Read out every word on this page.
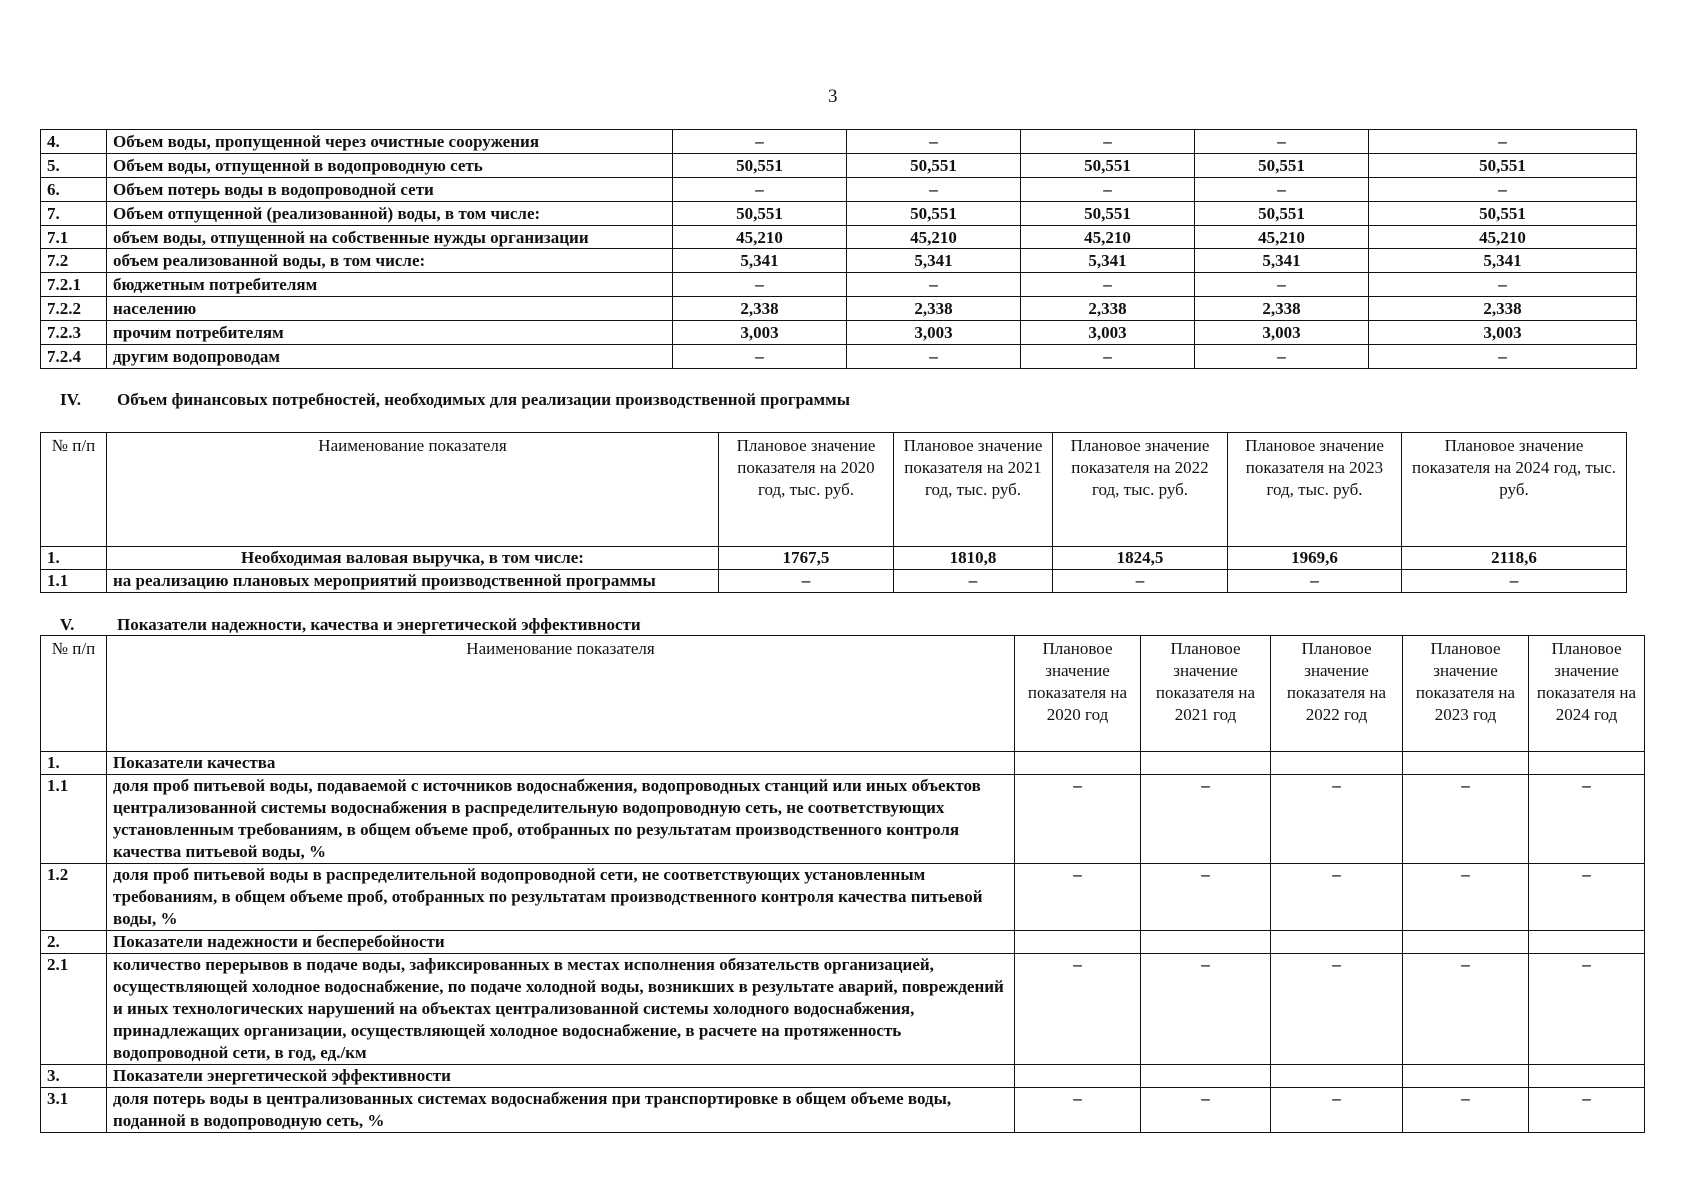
3
4.	Объем воды, пропущенной через очистные сооружения	–	–	–	–	–
5.	Объем воды, отпущенной в водопроводную сеть	50,551	50,551	50,551	50,551	50,551
6.	Объем потерь воды в водопроводной сети	–	–	–	–	–
7.	Объем отпущенной (реализованной) воды, в том числе:	50,551	50,551	50,551	50,551	50,551
7.1	объем воды, отпущенной на собственные нужды организации	45,210	45,210	45,210	45,210	45,210
7.2	объем реализованной воды, в том числе:	5,341	5,341	5,341	5,341	5,341
7.2.1	бюджетным потребителям	–	–	–	–	–
7.2.2	населению	2,338	2,338	2,338	2,338	2,338
7.2.3	прочим потребителям	3,003	3,003	3,003	3,003	3,003
7.2.4	другим водопроводам	–	–	–	–	–
IV. Объем финансовых потребностей, необходимых для реализации производственной программы
№ п/п	Наименование показателя	Плановое значение показателя на 2020 год, тыс. руб.	Плановое значение показателя на 2021 год, тыс. руб.	Плановое значение показателя на 2022 год, тыс. руб.	Плановое значение показателя на 2023 год, тыс. руб.	Плановое значение показателя на 2024 год, тыс. руб.
1.	Необходимая валовая выручка, в том числе:	1767,5	1810,8	1824,5	1969,6	2118,6
1.1	на реализацию плановых мероприятий производственной программы	–	–	–	–	–
V.	Показатели надежности, качества и энергетической эффективности
№ п/п	Наименование показателя	Плановое значение показателя на 2020 год	Плановое значение показателя на 2021 год	Плановое значение показателя на 2022 год	Плановое значение показателя на 2023 год	Плановое значение показателя на 2024 год
1.	Показатели качества					
1.1	доля проб питьевой воды, подаваемой с источников водоснабжения, водопроводных станций или иных объектов централизованной системы водоснабжения в распределительную водопроводную сеть, не соответствующих установленным требованиям, в общем объеме проб, отобранных по результатам производственного контроля качества питьевой воды, %	–	–	–	–	–
1.2	доля проб питьевой воды в распределительной водопроводной сети, не соответствующих установленным требованиям, в общем объеме проб, отобранных по результатам производственного контроля качества питьевой воды, %	–	–	–	–	–
2.	Показатели надежности и бесперебойности					
2.1	количество перерывов в подаче воды, зафиксированных в местах исполнения обязательств организацией, осуществляющей холодное водоснабжение, по подаче холодной воды, возникших в результате аварий, повреждений и иных технологических нарушений на объектах централизованной системы холодного водоснабжения, принадлежащих организации, осуществляющей холодное водоснабжение, в расчете на протяженность водопроводной сети, в год, ед./км	–	–	–	–	–
3.	Показатели энергетической эффективности					
3.1	доля потерь воды в централизованных системах водоснабжения при транспортировке в общем объеме воды, поданной в водопроводную сеть, %	–	–	–	–	–
